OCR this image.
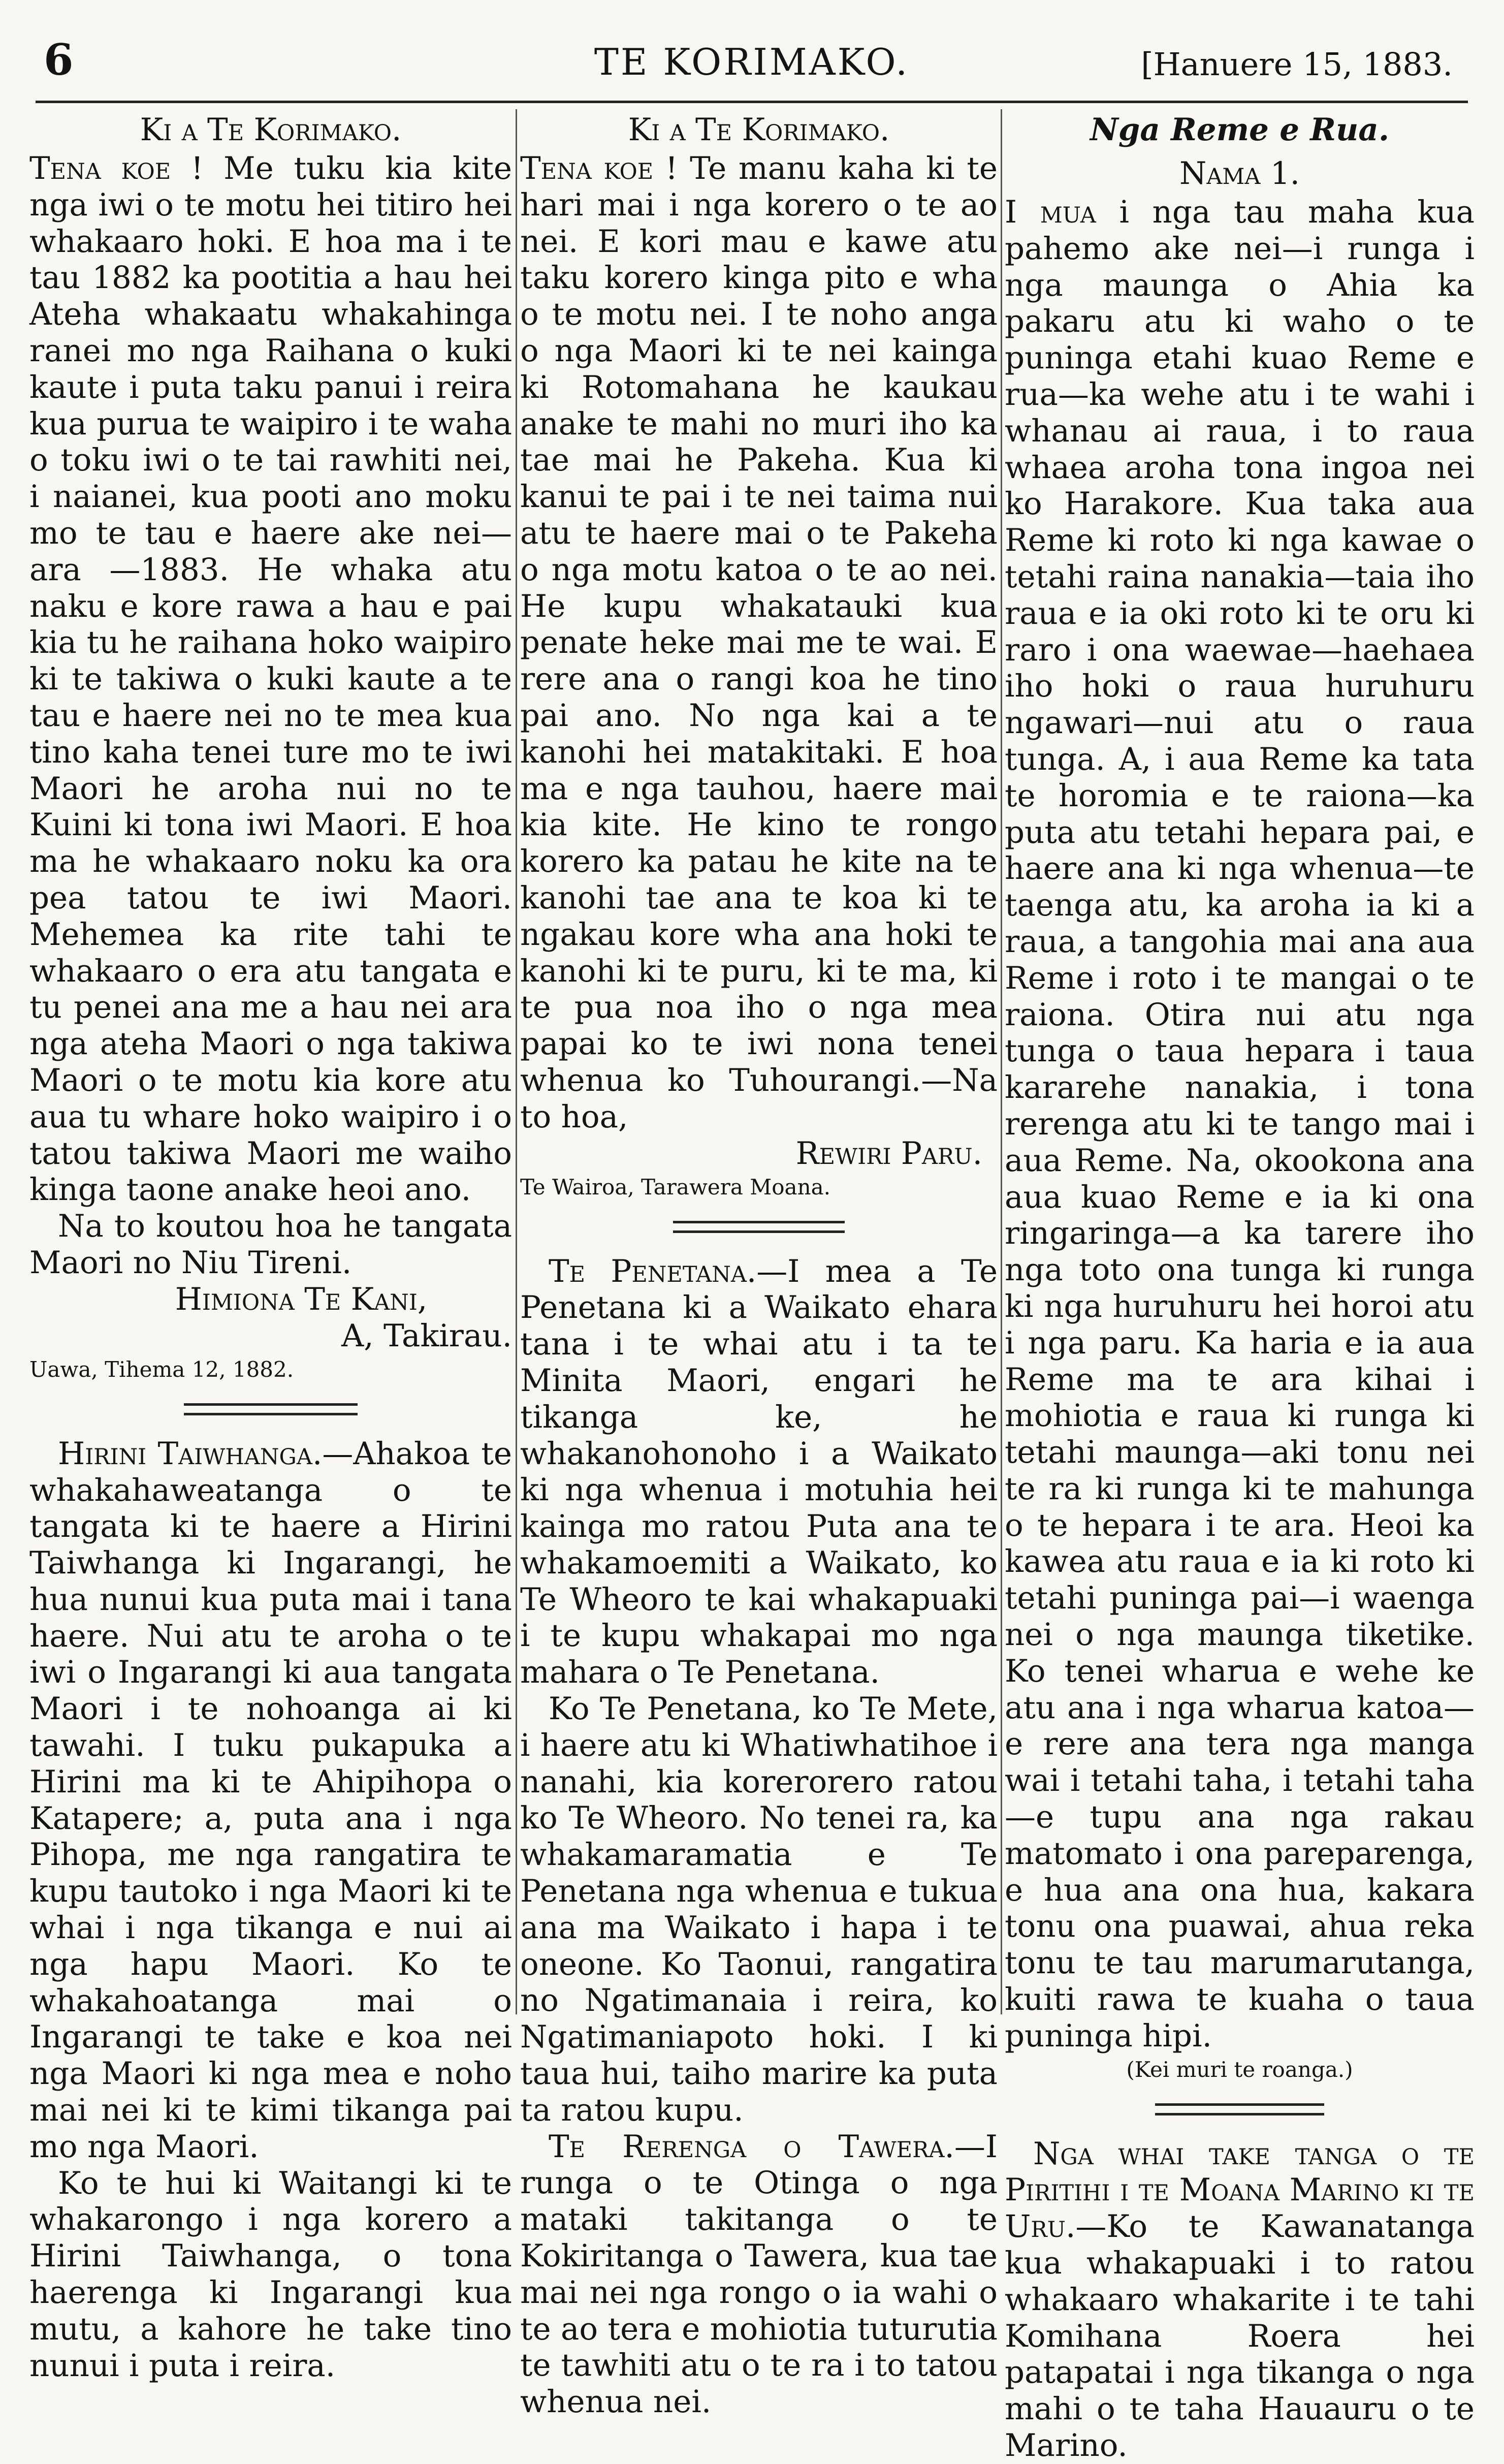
6	TE KORIMAKO.	[Hanuere 15, 1883.
Ki a Te Korimako.

Tena koe ! Me tuku kia kite nga iwi o te motu hei titiro hei whakaaro hoki. E hoa ma i te tau 1882 ka pootitia a hau hei Ateha whakaatu whakahinga ranei mo nga Raihana o kuki kaute i puta taku panui i reira kua purua te waipiro i te waha o toku iwi o te tai rawhiti nei, i naianei, kua pooti ano moku mo te tau e haere ake nei—ara —1883. He whaka atu naku e kore rawa a hau e pai kia tu he raihana hoko waipiro ki te takiwa o kuki kaute a te tau e haere nei no te mea kua tino kaha tenei ture mo te iwi Maori he aroha nui no te Kuini ki tona iwi Maori. E hoa ma he whakaaro noku ka ora pea tatou te iwi Maori. Mehemea ka rite tahi te whakaaro o era atu tangata e tu penei ana me a hau nei ara nga ateha Maori o nga takiwa Maori o te motu kia kore atu aua tu whare hoko waipiro i o tatou takiwa Maori me waiho kinga taone anake heoi ano.

Na to koutou hoa he tangata Maori no Niu Tireni.

Himiona Te Kani,

A, Takirau.

Uawa, Tihema 12, 1882.

Hirini Taiwhanga.—Ahakoa te whakahaweatanga o te tangata ki te haere a Hirini Taiwhanga ki Ingarangi, he hua nunui kua puta mai i tana haere. Nui atu te aroha o te iwi o Ingarangi ki aua tangata Maori i te nohoanga ai ki tawahi. I tuku pukapuka a Hirini ma ki te Ahipihopa o Katapere; a, puta ana i nga Pihopa, me nga rangatira te kupu tautoko i nga Maori ki te whai i nga tikanga e nui ai nga hapu Maori. Ko te whakahoatanga mai o Ingarangi te take e koa nei nga Maori ki nga mea e noho mai nei ki te kimi tikanga pai mo nga Maori.

Ko te hui ki Waitangi ki te whakarongo i nga korero a Hirini Taiwhanga, o tona haerenga ki Ingarangi kua mutu, a kahore he take tino nunui i puta i reira.

Ki a Te Korimako.

Tena koe ! Te manu kaha ki te hari mai i nga korero o te ao nei. E kori mau e kawe atu taku korero kinga pito e wha o te motu nei. I te noho anga o nga Maori ki te nei kainga ki Rotomahana he kaukau anake te mahi no muri iho ka tae mai he Pakeha. Kua ki kanui te pai i te nei taima nui atu te haere mai o te Pakeha o nga motu katoa o te ao nei. He kupu whakatauki kua penate heke mai me te wai. E rere ana o rangi koa he tino pai ano. No nga kai a te kanohi hei matakitaki. E hoa ma e nga tauhou, haere mai kia kite. He kino te rongo korero ka patau he kite na te kanohi tae ana te koa ki te ngakau kore wha ana hoki te kanohi ki te puru, ki te ma, ki te pua noa iho o nga mea papai ko te iwi nona tenei whenua ko Tuhourangi.—Na to hoa,

Rewiri Paru.

Te Wairoa, Tarawera Moana.

Te Penetana.—I mea a Te Penetana ki a Waikato ehara tana i te whai atu i ta te Minita Maori, engari he tikanga ke, he whakanohonoho i a Waikato ki nga whenua i motuhia hei kainga mo ratou Puta ana te whakamoemiti a Waikato, ko Te Wheoro te kai whakapuaki i te kupu whakapai mo nga mahara o Te Penetana.

Ko Te Penetana, ko Te Mete, i haere atu ki Whatiwhatihoe i nanahi, kia korerorero ratou ko Te Wheoro. No tenei ra, ka whakamaramatia e Te Penetana nga whenua e tukua ana ma Waikato i hapa i te oneone. Ko Taonui, rangatira no Ngatimanaia i reira, ko Ngatimaniapoto hoki. I ki taua hui, taiho marire ka puta ta ratou kupu.

Te Rerenga o Tawera.—I runga o te Otinga o nga mataki takitanga o te Kokiritanga o Tawera, kua tae mai nei nga rongo o ia wahi o te ao tera e mohiotia tuturutia te tawhiti atu o te ra i to tatou whenua nei.

Nga Reme e Rua.
Nama 1.

I mua i nga tau maha kua pahemo ake nei—i runga i nga maunga o Ahia ka pakaru atu ki waho o te puninga etahi kuao Reme e rua—ka wehe atu i te wahi i whanau ai raua, i to raua whaea aroha tona ingoa nei ko Harakore. Kua taka aua Reme ki roto ki nga kawae o tetahi raina nanakia—taia iho raua e ia oki roto ki te oru ki raro i ona waewae—haehaea iho hoki o raua huruhuru ngawari—nui atu o raua tunga. A, i aua Reme ka tata te horomia e te raiona—ka puta atu tetahi hepara pai, e haere ana ki nga whenua—te taenga atu, ka aroha ia ki a raua, a tangohia mai ana aua Reme i roto i te mangai o te raiona. Otira nui atu nga tunga o taua hepara i taua kararehe nanakia, i tona rerenga atu ki te tango mai i aua Reme. Na, okookona ana aua kuao Reme e ia ki ona ringaringa—a ka tarere iho nga toto ona tunga ki runga ki nga huruhuru hei horoi atu i nga paru. Ka haria e ia aua Reme ma te ara kihai i mohiotia e raua ki runga ki tetahi maunga—aki tonu nei te ra ki runga ki te mahunga o te hepara i te ara. Heoi ka kawea atu raua e ia ki roto ki tetahi puninga pai—i waenga nei o nga maunga tiketike. Ko tenei wharua e wehe ke atu ana i nga wharua katoa—e rere ana tera nga manga wai i tetahi taha, i tetahi taha—e tupu ana nga rakau matomato i ona pareparenga, e hua ana ona hua, kakara tonu ona puawai, ahua reka tonu te tau marumarutanga, kuiti rawa te kuaha o taua puninga hipi.

(Kei muri te roanga.)

Nga whai take tanga o te Piritihi i te Moana Marino ki te Uru.—Ko te Kawanatanga kua whakapuaki i to ratou whakaaro whakarite i te tahi Komihana Roera hei patapatai i nga tikanga o nga mahi o te taha Hauauru o te Marino.
